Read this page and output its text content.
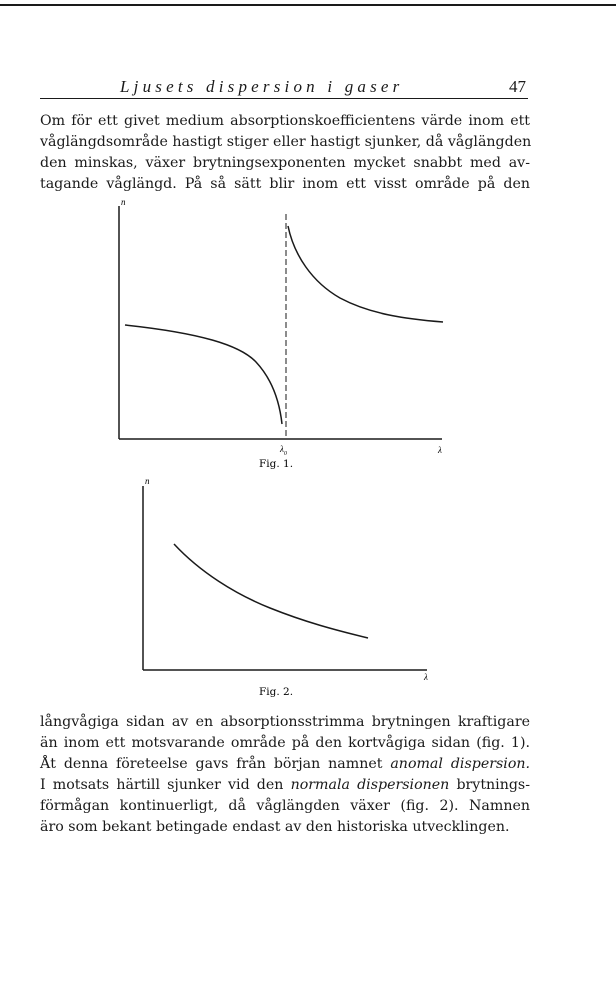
Ljusets dispersion i gaser	47
Om för ett givet medium absorptionskoefficientens värde inom ett
våglängdsområde hastigt stiger eller hastigt sjunker, då våglängden
den minskas, växer brytningsexponenten mycket snabbt med av-
tagande våglängd. På så sätt blir inom ett visst område på den
n
λ
$\lambda_0$
Fig. 1.
n
λ
Fig. 2.
långvågiga sidan av en absorptionsstrimma brytningen kraftigare
än inom ett motsvarande område på den kortvågiga sidan (fig. 1).
Åt denna företeelse gavs från början namnet anomal dispersion.
I motsats härtill sjunker vid den normala dispersionen brytnings-
förmågan kontinuerligt, då våglängden växer (fig. 2). Namnen
äro som bekant betingade endast av den historiska utvecklingen.
